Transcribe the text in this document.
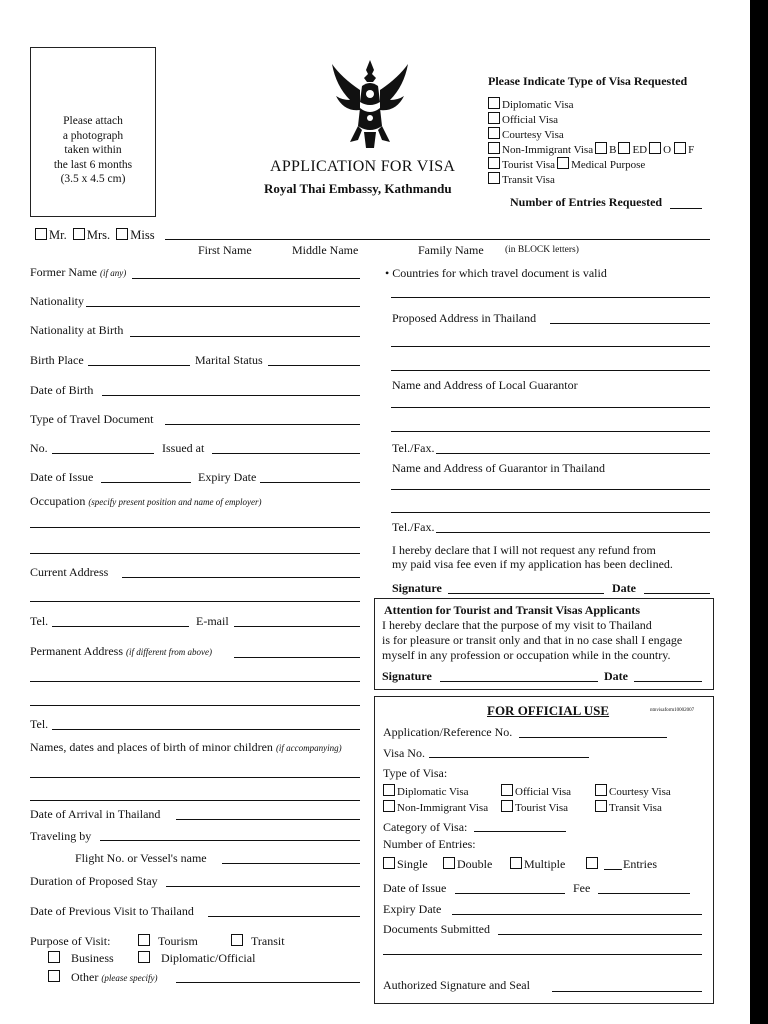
Please attach
a photograph
taken within
the last 6 months
(3.5 x 4.5 cm)
APPLICATION FOR VISA
Royal Thai Embassy, Kathmandu
Please Indicate Type of Visa Requested
Diplomatic Visa
Official Visa
Courtesy Visa
Non-Immigrant Visa B ED O F
Tourist Visa Medical Purpose
Transit Visa
Number of Entries Requested
Mr. Mrs. Miss
First Name	Middle Name	Family Name (in BLOCK letters)
Former Name (if any)
Nationality
Nationality at Birth
Birth Place	Marital Status
Date of Birth
Type of Travel Document
No.	Issued at
Date of Issue	Expiry Date
Occupation (specify present position and name of employer)
Current Address
Tel.	E-mail
Permanent Address (if different from above)
Tel.
Names, dates and places of birth of minor children (if accompanying)
Date of Arrival in Thailand
Traveling by
Flight No. or Vessel's name
Duration of Proposed Stay
Date of Previous Visit to Thailand
Purpose of Visit:	Tourism	Transit
Business	Diplomatic/Official
Other (please specify)
• Countries for which travel document is valid
Proposed Address in Thailand
Name and Address of Local Guarantor
Tel./Fax.
Name and Address of Guarantor in Thailand
Tel./Fax.
I hereby declare that I will not request any refund from
my paid visa fee even if my application has been declined.
Signature	Date
Attention for Tourist and Transit Visas Applicants
I hereby declare that the purpose of my visit to Thailand
is for pleasure or transit only and that in no case shall I engage
myself in any profession or occupation while in the country.
Signature	Date
FOR OFFICIAL USE	ntnvisaform10002007
Application/Reference No.
Visa No.
Type of Visa:
Diplomatic Visa	Official Visa	Courtesy Visa
Non-Immigrant Visa	Tourist Visa	Transit Visa
Category of Visa:
Number of Entries:
Single	Double	Multiple	Entries
Date of Issue	Fee
Expiry Date
Documents Submitted
Authorized Signature and Seal
